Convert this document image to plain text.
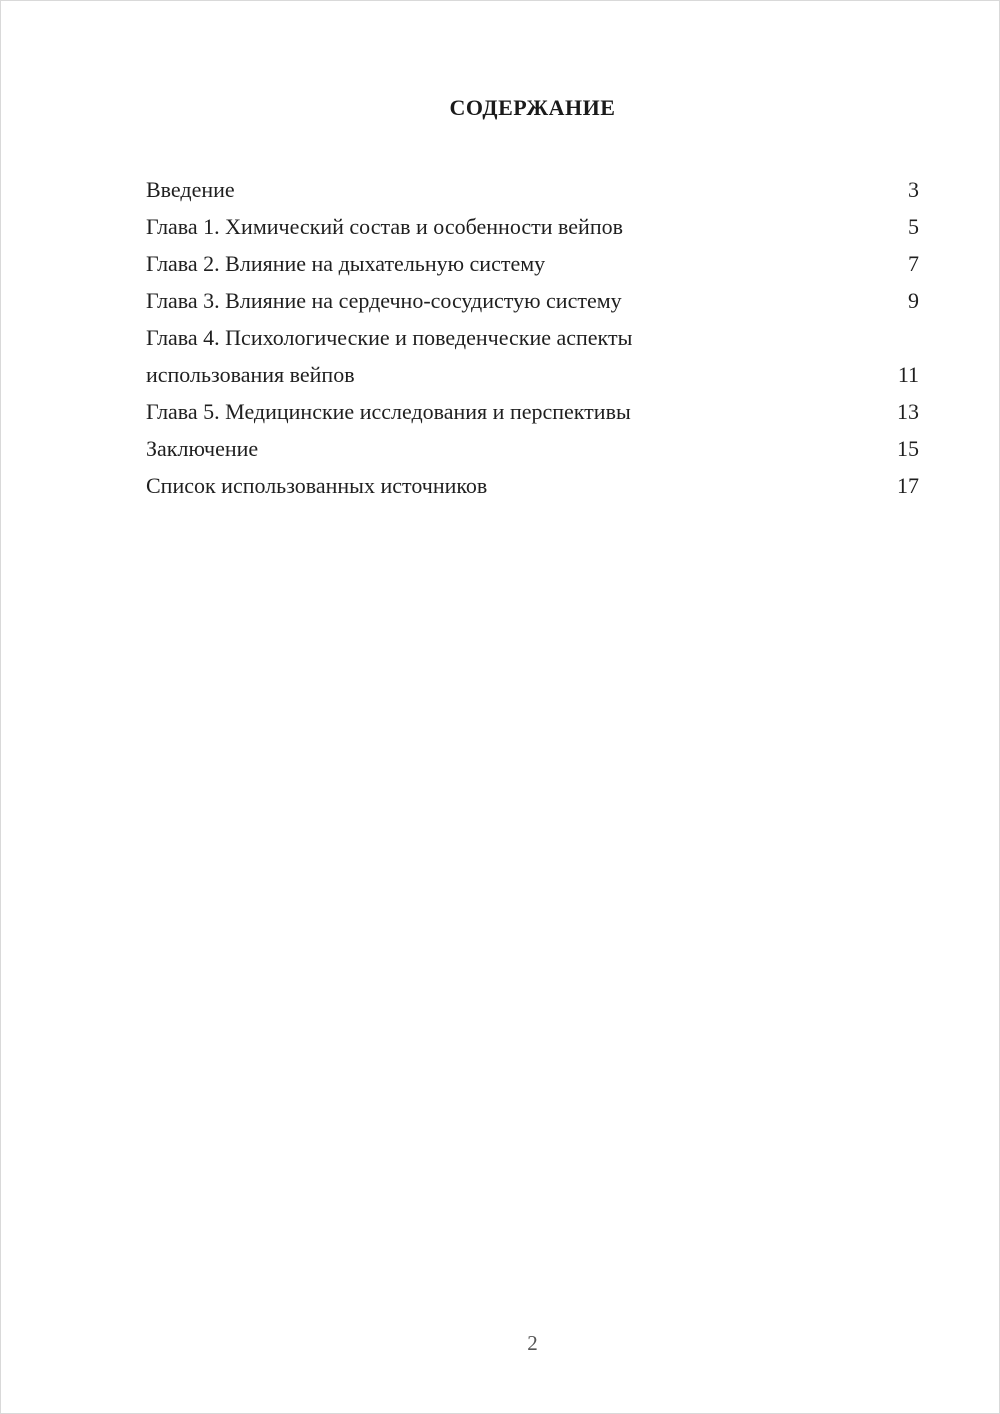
СОДЕРЖАНИЕ
Введение	3
Глава 1. Химический состав и особенности вейпов	5
Глава 2. Влияние на дыхательную систему	7
Глава 3. Влияние на сердечно-сосудистую систему	9
Глава 4. Психологические и поведенческие аспекты использования вейпов	11
Глава 5. Медицинские исследования и перспективы	13
Заключение	15
Список использованных источников	17
2
